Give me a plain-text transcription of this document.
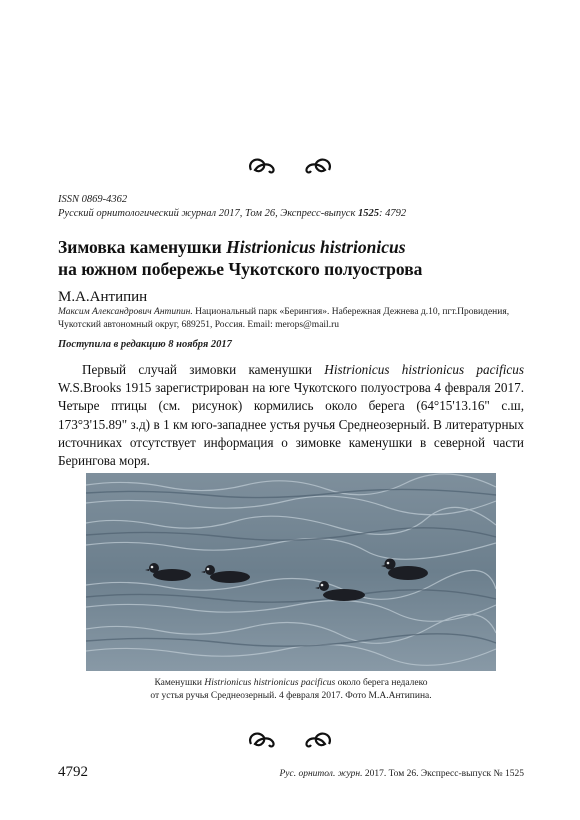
ISSN 0869-4362
Русский орнитологический журнал 2017, Том 26, Экспресс-выпуск 1525: 4792
Зимовка каменушки Histrionicus histrionicus
на южном побережье Чукотского полуострова
М.А.Антипин
Максим Александрович Антипин. Национальный парк «Берингия». Набережная Дежнева д.10, пгт.Провидения, Чукотский автономный округ, 689251, Россия. Email: merops@mail.ru
Поступила в редакцию 8 ноября 2017
Первый случай зимовки каменушки Histrionicus histrionicus pacificus W.S.Brooks 1915 зарегистрирован на юге Чукотского полуострова 4 февраля 2017. Четыре птицы (см. рисунок) кормились около берега (64°15'13.16" с.ш, 173°3'15.89" з.д) в 1 км юго-западнее устья ручья Среднеозерный. В литературных источниках отсутствует информация о зимовке каменушки в северной части Берингова моря.
Каменушки Histrionicus histrionicus pacificus около берега недалеко
от устья ручья Среднеозерный. 4 февраля 2017. Фото М.А.Антипина.
4792	Рус. орнитол. журн. 2017. Том 26. Экспресс-выпуск № 1525
